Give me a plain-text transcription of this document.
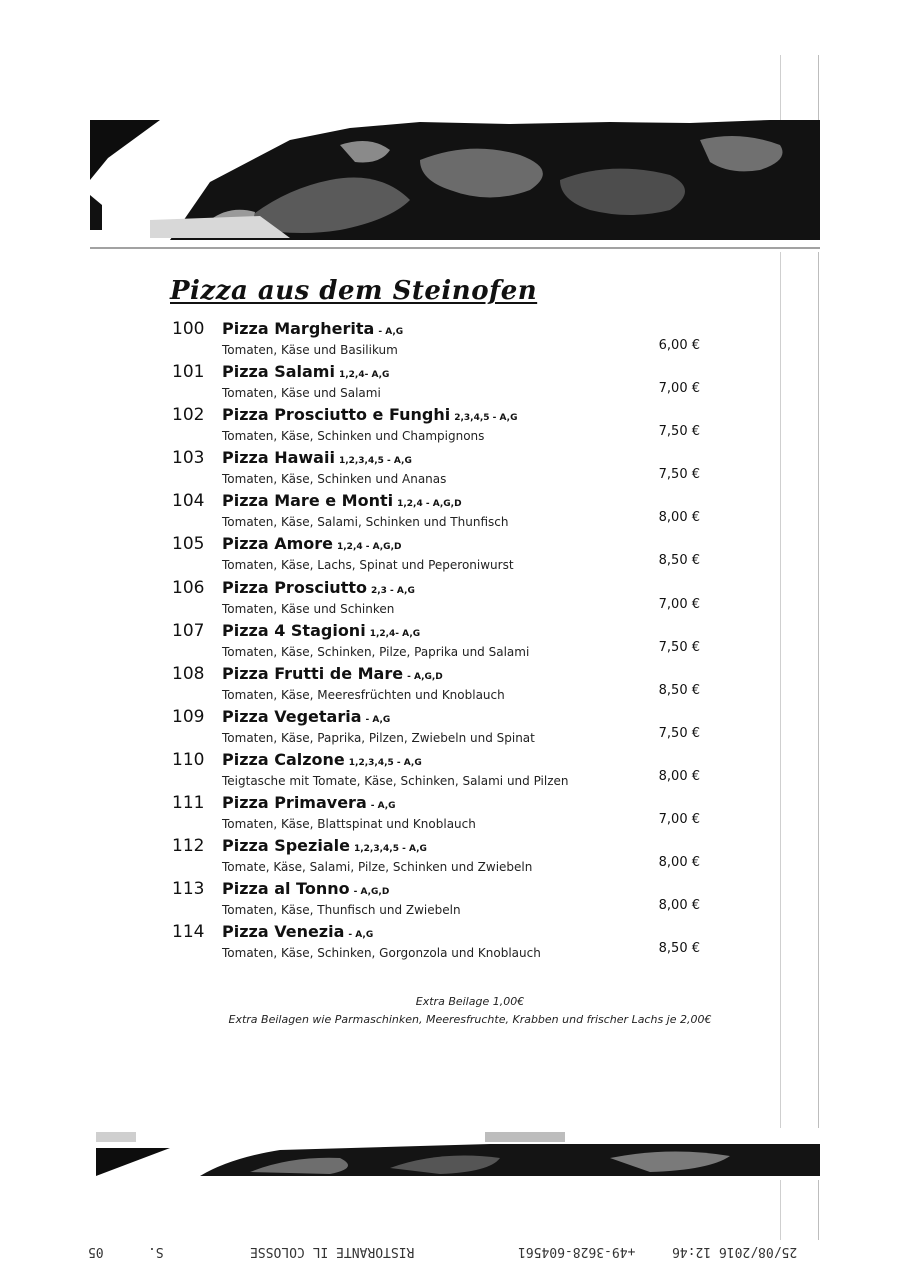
Pizza aus dem Steinofen
100 Pizza Margherita - A,G
Tomaten, Käse und Basilikum	6,00 €
101 Pizza Salami 1,2,4- A,G
Tomaten, Käse und Salami	7,00 €
102 Pizza Prosciutto e Funghi 2,3,4,5 - A,G
Tomaten, Käse, Schinken und Champignons	7,50 €
103 Pizza Hawaii 1,2,3,4,5 - A,G
Tomaten, Käse, Schinken und Ananas	7,50 €
104 Pizza Mare e Monti 1,2,4 - A,G,D
Tomaten, Käse, Salami, Schinken und Thunfisch	8,00 €
105 Pizza Amore 1,2,4 - A,G,D
Tomaten, Käse, Lachs, Spinat und Peperoniwurst	8,50 €
106 Pizza Prosciutto 2,3 - A,G
Tomaten, Käse und Schinken	7,00 €
107 Pizza 4 Stagioni 1,2,4- A,G
Tomaten, Käse, Schinken, Pilze, Paprika und Salami	7,50 €
108 Pizza Frutti de Mare - A,G,D
Tomaten, Käse, Meeresfrüchten und Knoblauch	8,50 €
109 Pizza Vegetaria - A,G
Tomaten, Käse, Paprika, Pilzen, Zwiebeln und Spinat	7,50 €
110 Pizza Calzone 1,2,3,4,5 - A,G
Teigtasche mit Tomate, Käse, Schinken, Salami und Pilzen	8,00 €
111 Pizza Primavera - A,G
Tomaten, Käse, Blattspinat und Knoblauch	7,00 €
112 Pizza Speziale 1,2,3,4,5 - A,G
Tomate, Käse, Salami, Pilze, Schinken und Zwiebeln	8,00 €
113 Pizza al Tonno - A,G,D
Tomaten, Käse, Thunfisch und Zwiebeln	8,00 €
114 Pizza Venezia - A,G
Tomaten, Käse, Schinken, Gorgonzola und Knoblauch	8,50 €
Extra Beilage 1,00€
Extra Beilagen wie Parmaschinken, Meeresfruchte, Krabben und frischer Lachs je 2,00€
05	S.	RISTORANTE IL COLOSSE	+49-3628-604561	25/08/2016 12:46
